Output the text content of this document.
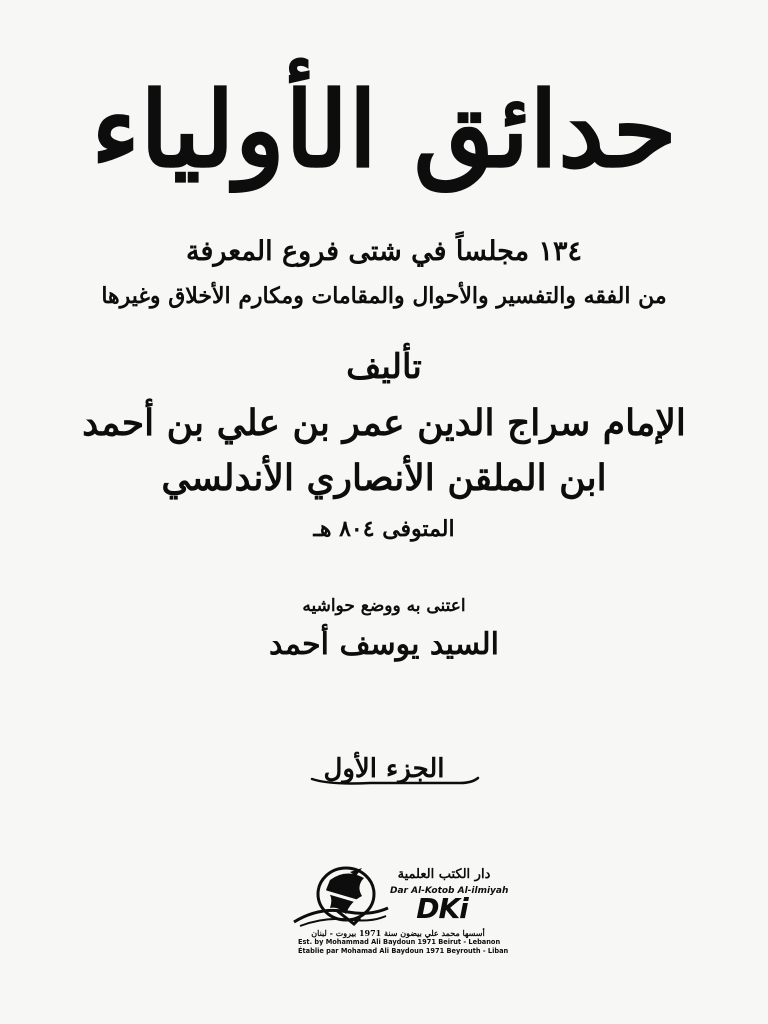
حدائق الأولياء
١٣٤ مجلساً في شتى فروع المعرفة
من الفقه والتفسير والأحوال والمقامات ومكارم الأخلاق وغيرها
تأليف
الإمام سراج الدين عمر بن علي بن أحمد
ابن الملقن الأنصاري الأندلسي
المتوفى ٨٠٤ هـ
اعتنى به ووضع حواشيه
السيد يوسف أحمد
الجزء الأول
دار الكتب العلمية
Dar Al-Kotob Al-ilmiyah
DKi
أسسها محمد علي بيضون سنة 1971 بيروت - لبنان
Est. by Mohammad Ali Baydoun 1971 Beirut - Lebanon
Établie par Mohamad Ali Baydoun 1971 Beyrouth - Liban
